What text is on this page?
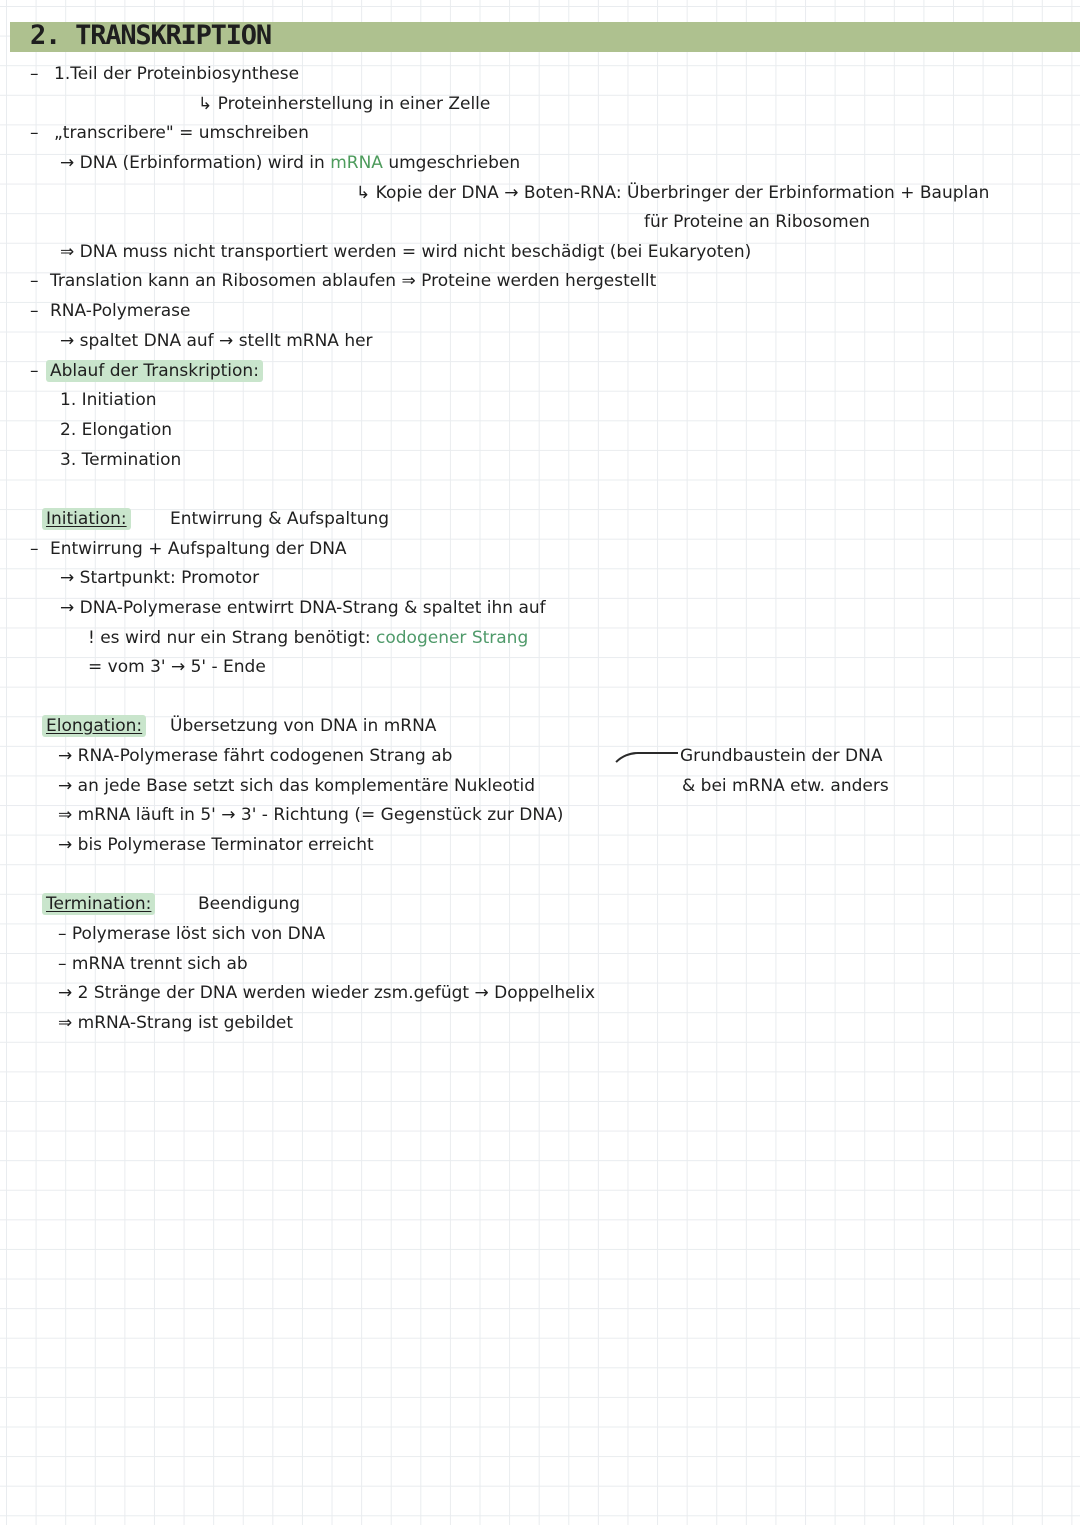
2. TRANSKRIPTION
– 1.Teil der Proteinbiosynthese
↳ Proteinherstellung in einer Zelle
– „transcribere" = umschreiben
→ DNA (Erbinformation) wird in mRNA umgeschrieben
↳ Kopie der DNA → Boten-RNA: Überbringer der Erbinformation + Bauplan
für Proteine an Ribosomen
⇒ DNA muss nicht transportiert werden = wird nicht beschädigt (bei Eukaryoten)
– Translation kann an Ribosomen ablaufen ⇒ Proteine werden hergestellt
– RNA-Polymerase
→ spaltet DNA auf → stellt mRNA her
– Ablauf der Transkription:
1. Initiation
2. Elongation
3. Termination
Initiation:	Entwirrung & Aufspaltung
– Entwirrung + Aufspaltung der DNA
→ Startpunkt: Promotor
→ DNA-Polymerase entwirrt DNA-Strang & spaltet ihn auf
! es wird nur ein Strang benötigt: codogener Strang
= vom 3' → 5' - Ende
Elongation: Übersetzung von DNA in mRNA
→ RNA-Polymerase fährt codogenen Strang ab
→ an jede Base setzt sich das komplementäre Nukleotid
⇒ mRNA läuft in 5' → 3' - Richtung (= Gegenstück zur DNA)
→ bis Polymerase Terminator erreicht
Grundbaustein der DNA
& bei mRNA etw. anders
Termination:	Beendigung
– Polymerase löst sich von DNA
– mRNA trennt sich ab
→ 2 Stränge der DNA werden wieder zsm.gefügt → Doppelhelix
⇒ mRNA-Strang ist gebildet
